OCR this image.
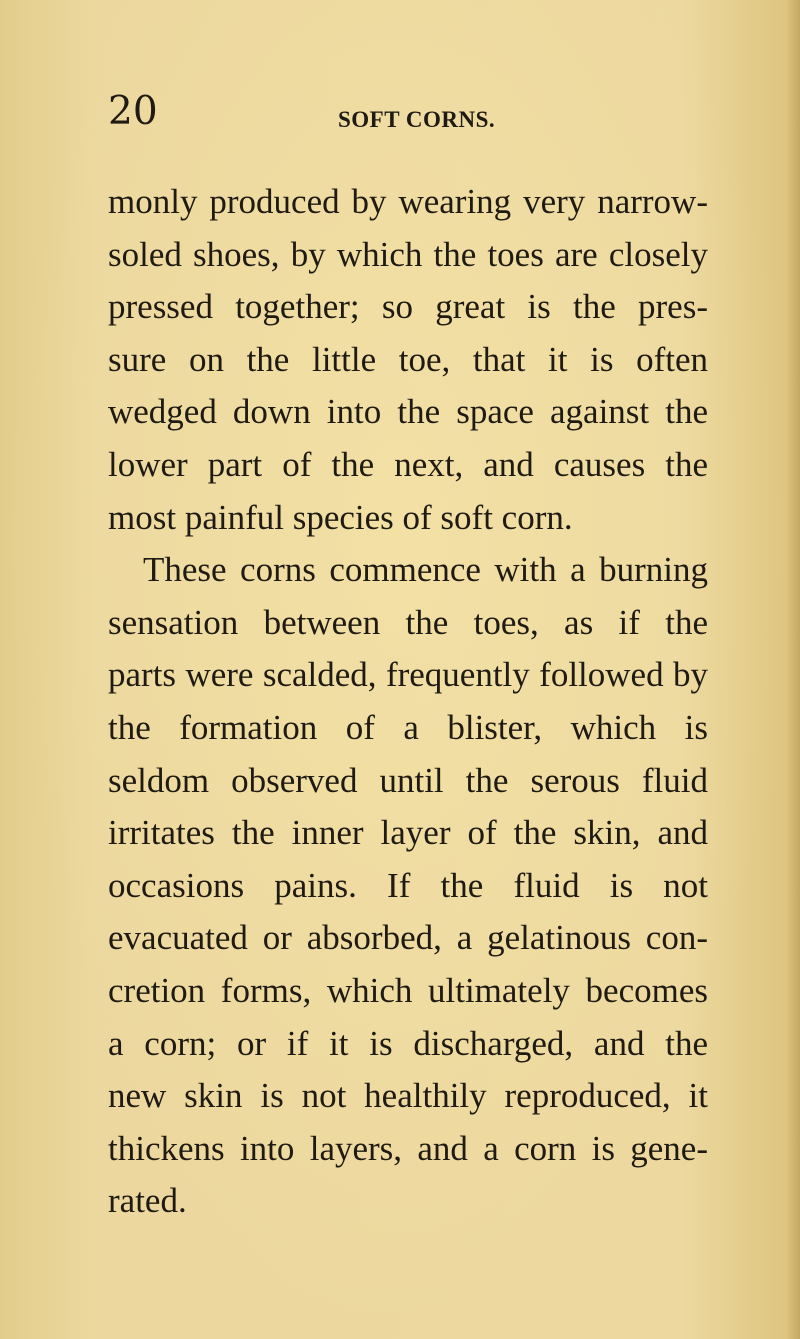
20	SOFT CORNS.
monly produced by wearing very narrow-
soled shoes, by which the toes are closely
pressed together; so great is the pres-
sure on the little toe, that it is often
wedged down into the space against the
lower part of the next, and causes the
most painful species of soft corn.
These corns commence with a burning
sensation between the toes, as if the
parts were scalded, frequently followed by
the formation of a blister, which is
seldom observed until the serous fluid
irritates the inner layer of the skin, and
occasions pains. If the fluid is not
evacuated or absorbed, a gelatinous con-
cretion forms, which ultimately becomes
a corn; or if it is discharged, and the
new skin is not healthily reproduced, it
thickens into layers, and a corn is gene-
rated.
